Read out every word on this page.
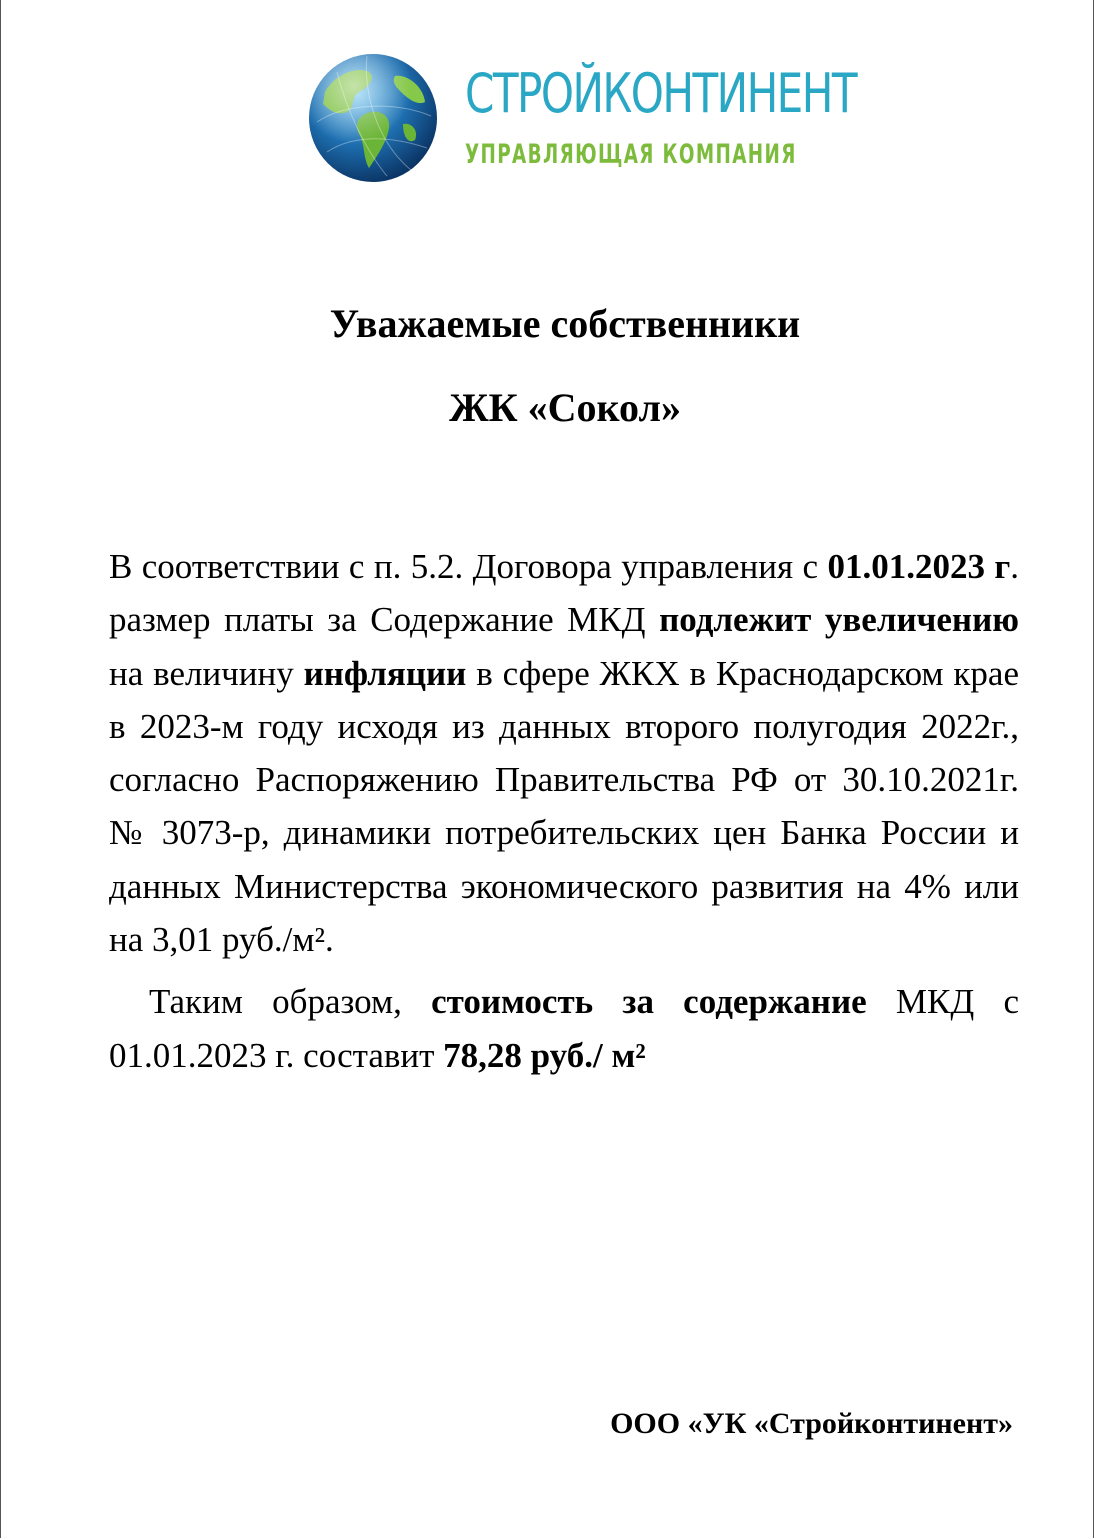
СТРОЙКОНТИНЕНТ
УПРАВЛЯЮЩАЯ КОМПАНИЯ
Уважаемые собственники
ЖК «Сокол»

В соответствии с п. 5.2. Договора управления с 01.01.2023 г. размер платы за Содержание МКД подлежит увеличению на величину инфляции в сфере ЖКХ в Краснодарском крае в 2023-м году исходя из данных второго полугодия 2022г., согласно Распоряжению Правительства РФ от 30.10.2021г. № 3073-р, динамики потребительских цен Банка России и данных Министерства экономического развития на 4% или на 3,01 руб./м².

Таким образом, стоимость за содержание МКД с 01.01.2023 г. составит 78,28 руб./ м²

ООО «УК «Стройконтинент»
